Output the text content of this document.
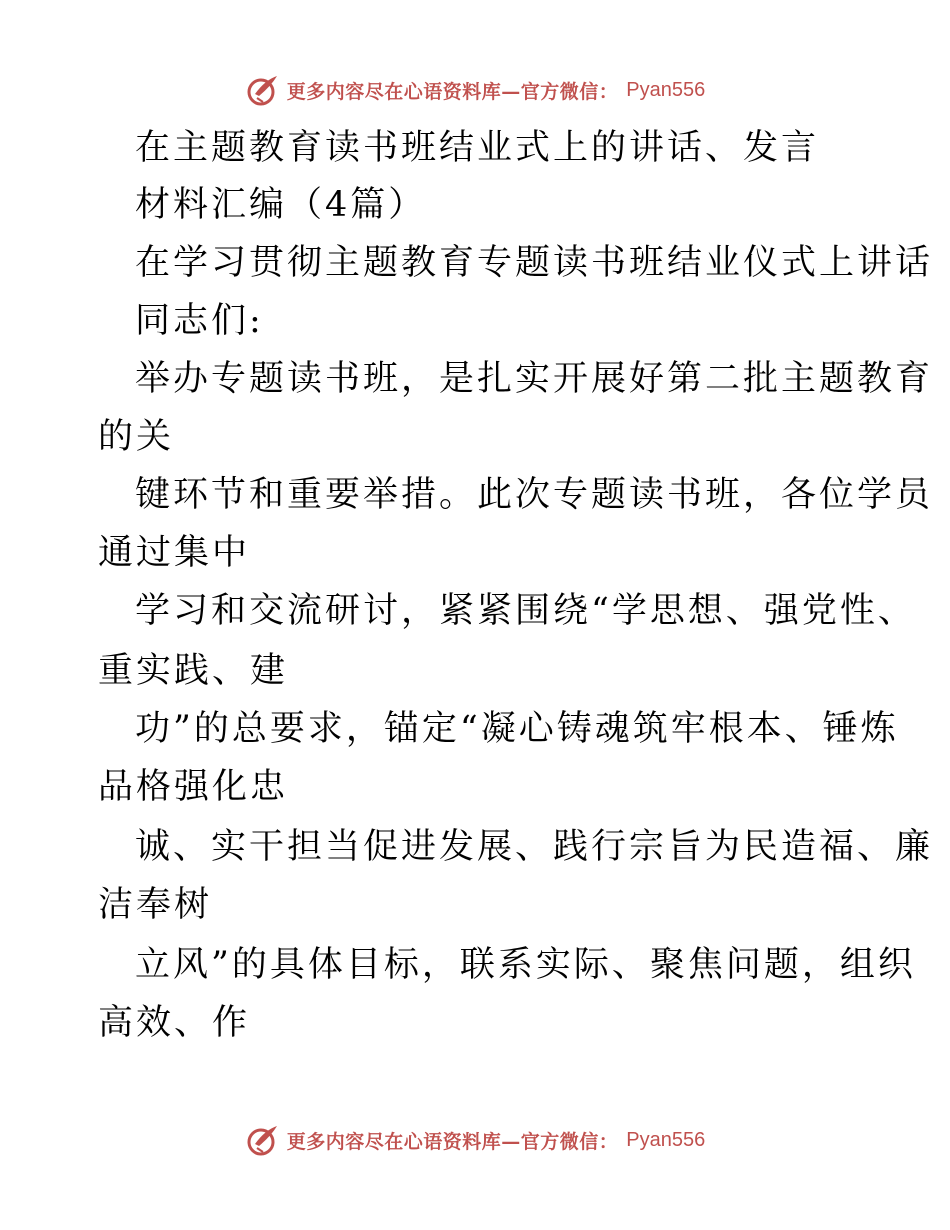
更多内容尽在心语资料库—官方微信： Pyan556
在主题教育读书班结业式上的讲话、发言
材料汇编（4篇）
在学习贯彻主题教育专题读书班结业仪式上讲话
同志们:
举办专题读书班，是扎实开展好第二批主题教育
的关
键环节和重要举措。此次专题读书班，各位学员
通过集中
学习和交流研讨，紧紧围绕“学思想、强党性、
重实践、建
功”的总要求，锚定“凝心铸魂筑牢根本、锤炼
品格强化忠
诚、实干担当促进发展、践行宗旨为民造福、廉
洁奉树
立风”的具体目标，联系实际、聚焦问题，组织
高效、作
更多内容尽在心语资料库—官方微信： Pyan556
